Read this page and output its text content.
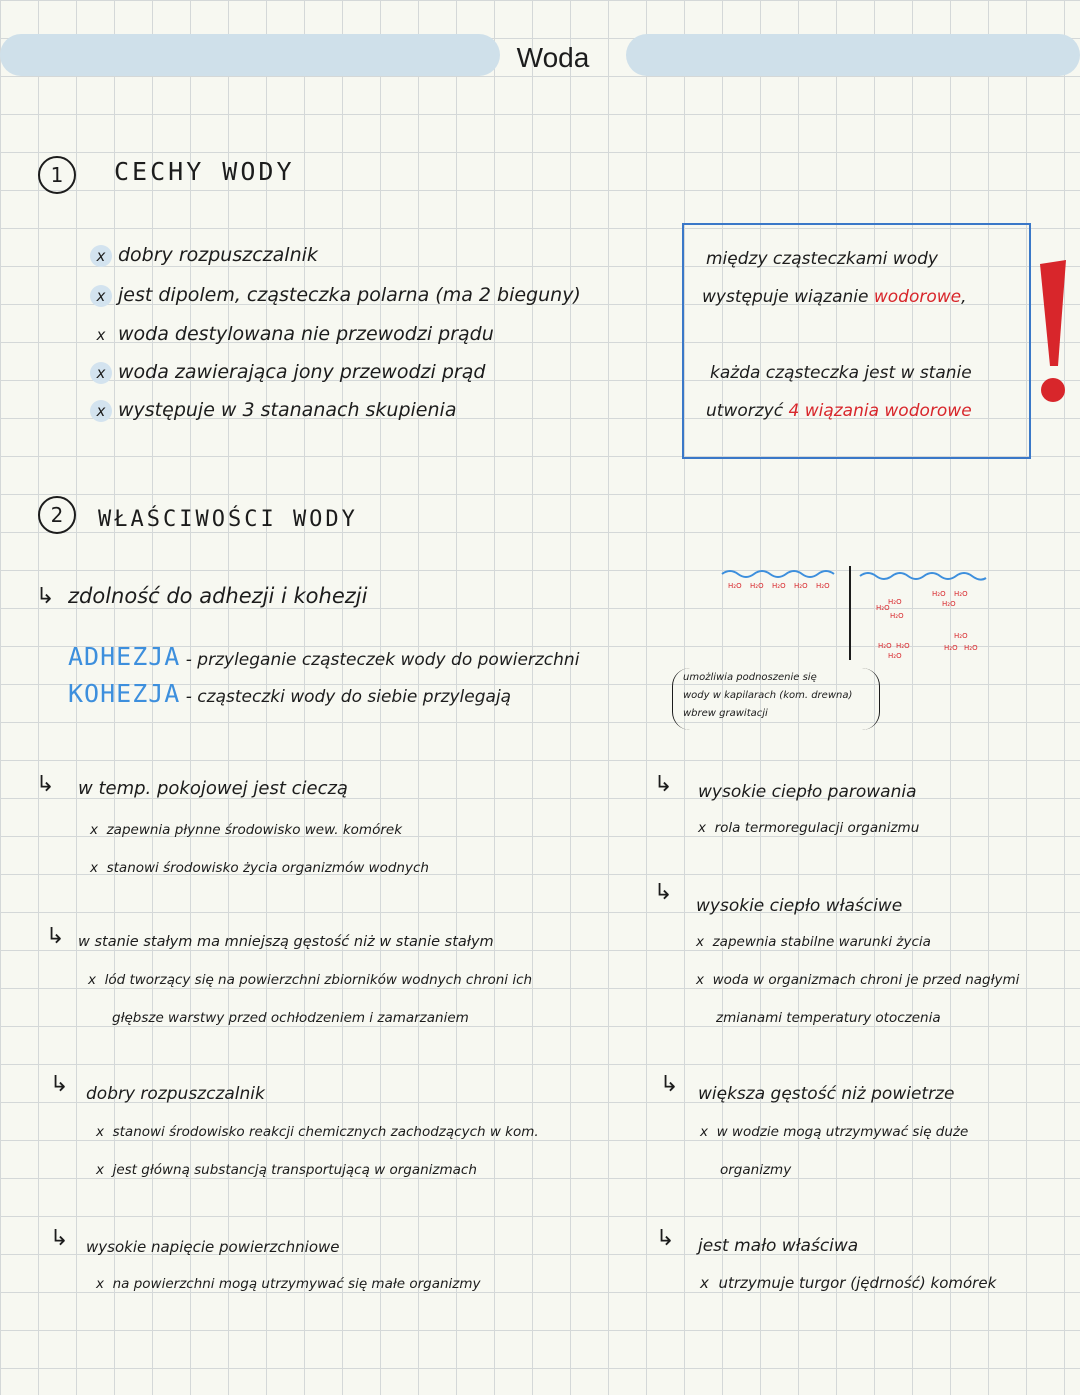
Woda
1	CECHY WODY
x dobry rozpuszczalnik
x jest dipolem, cząsteczka polarna (ma 2 bieguny)
x woda destylowana nie przewodzi prądu
x woda zawierająca jony przewodzi prąd
x występuje w 3 stananach skupienia
między cząsteczkami wody
występuje wiązanie wodorowe,
każda cząsteczka jest w stanie
utworzyć 4 wiązania wodorowe
2	WŁAŚCIWOŚCI WODY
↳ zdolność do adhezji i kohezji
ADHEZJA - przyleganie cząsteczek wody do powierzchni
KOHEZJA - cząsteczki wody do siebie przylegają
H₂O H₂O H₂O H₂O H₂O
H₂O
H₂O
H₂O
H₂O H₂O
H₂O
H₂O H₂O
H₂O
H₂O
H₂O H₂O
umożliwia podnoszenie się
wody w kapilarach (kom. drewna)
wbrew grawitacji
↳ w temp. pokojowej jest cieczą
x zapewnia płynne środowisko wew. komórek
x stanowi środowisko życia organizmów wodnych
↳ w stanie stałym ma mniejszą gęstość niż w stanie stałym
x lód tworzący się na powierzchni zbiorników wodnych chroni ich
głębsze warstwy przed ochłodzeniem i zamarzaniem
↳ dobry rozpuszczalnik
x stanowi środowisko reakcji chemicznych zachodzących w kom.
x jest główną substancją transportującą w organizmach
↳ wysokie napięcie powierzchniowe
x na powierzchni mogą utrzymywać się małe organizmy
↳ wysokie ciepło parowania
x rola termoregulacji organizmu
↳
wysokie ciepło właściwe
x zapewnia stabilne warunki życia
x woda w organizmach chroni je przed nagłymi
zmianami temperatury otoczenia
↳ większa gęstość niż powietrze
x w wodzie mogą utrzymywać się duże
organizmy
↳ jest mało właściwa
x utrzymuje turgor (jędrność) komórek
